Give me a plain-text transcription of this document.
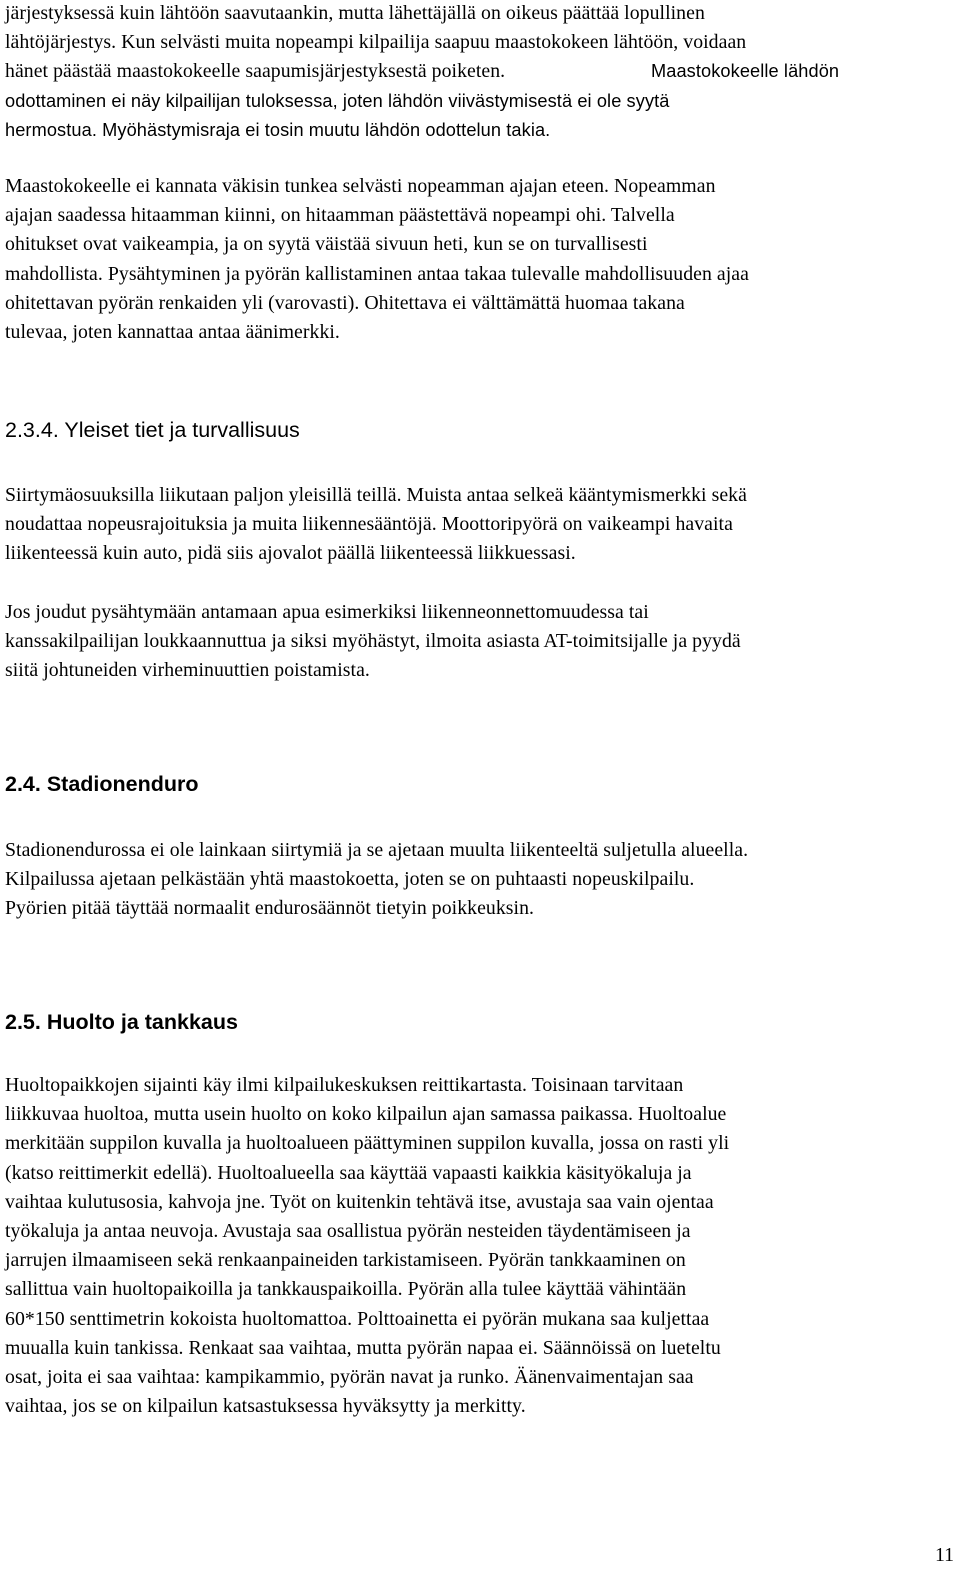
järjestyksessä kuin lähtöön saavutaankin, mutta lähettäjällä on oikeus päättää lopullinen
lähtöjärjestys. Kun selvästi muita nopeampi kilpailija saapuu maastokokeen lähtöön, voidaan
hänet päästää maastokokeelle saapumisjärjestyksestä poiketen.	Maastokokeelle lähdön

odottaminen ei näy kilpailijan tuloksessa, joten lähdön viivästymisestä ei ole syytä
hermostua. Myöhästymisraja ei tosin muutu lähdön odottelun takia.

Maastokokeelle ei kannata väkisin tunkea selvästi nopeamman ajajan eteen. Nopeamman
ajajan saadessa hitaamman kiinni, on hitaamman päästettävä nopeampi ohi. Talvella
ohitukset ovat vaikeampia, ja on syytä väistää sivuun heti, kun se on turvallisesti
mahdollista. Pysähtyminen ja pyörän kallistaminen antaa takaa tulevalle mahdollisuuden ajaa
ohitettavan pyörän renkaiden yli (varovasti). Ohitettava ei välttämättä huomaa takana
tulevaa, joten kannattaa antaa äänimerkki.

2.3.4. Yleiset tiet ja turvallisuus

Siirtymäosuuksilla liikutaan paljon yleisillä teillä. Muista antaa selkeä kääntymismerkki sekä
noudattaa nopeusrajoituksia ja muita liikennesääntöjä. Moottoripyörä on vaikeampi havaita
liikenteessä kuin auto, pidä siis ajovalot päällä liikenteessä liikkuessasi.

Jos joudut pysähtymään antamaan apua esimerkiksi liikenneonnettomuudessa tai
kanssakilpailijan loukkaannuttua ja siksi myöhästyt, ilmoita asiasta AT-toimitsijalle ja pyydä
siitä johtuneiden virheminuuttien poistamista.

2.4. Stadionenduro

Stadionendurossa ei ole lainkaan siirtymiä ja se ajetaan muulta liikenteeltä suljetulla alueella.
Kilpailussa ajetaan pelkästään yhtä maastokoetta, joten se on puhtaasti nopeuskilpailu.
Pyörien pitää täyttää normaalit endurosäännöt tietyin poikkeuksin.

2.5. Huolto ja tankkaus

Huoltopaikkojen sijainti käy ilmi kilpailukeskuksen reittikartasta. Toisinaan tarvitaan
liikkuvaa huoltoa, mutta usein huolto on koko kilpailun ajan samassa paikassa. Huoltoalue
merkitään suppilon kuvalla ja huoltoalueen päättyminen suppilon kuvalla, jossa on rasti yli
(katso reittimerkit edellä). Huoltoalueella saa käyttää vapaasti kaikkia käsityökaluja ja
vaihtaa kulutusosia, kahvoja jne. Työt on kuitenkin tehtävä itse, avustaja saa vain ojentaa
työkaluja ja antaa neuvoja. Avustaja saa osallistua pyörän nesteiden täydentämiseen ja
jarrujen ilmaamiseen sekä renkaanpaineiden tarkistamiseen. Pyörän tankkaaminen on
sallittua vain huoltopaikoilla ja tankkauspaikoilla. Pyörän alla tulee käyttää vähintään
60*150 senttimetrin kokoista huoltomattoa. Polttoainetta ei pyörän mukana saa kuljettaa
muualla kuin tankissa. Renkaat saa vaihtaa, mutta pyörän napaa ei. Säännöissä on lueteltu
osat, joita ei saa vaihtaa: kampikammio, pyörän navat ja runko. Äänenvaimentajan saa
vaihtaa, jos se on kilpailun katsastuksessa hyväksytty ja merkitty.

11
